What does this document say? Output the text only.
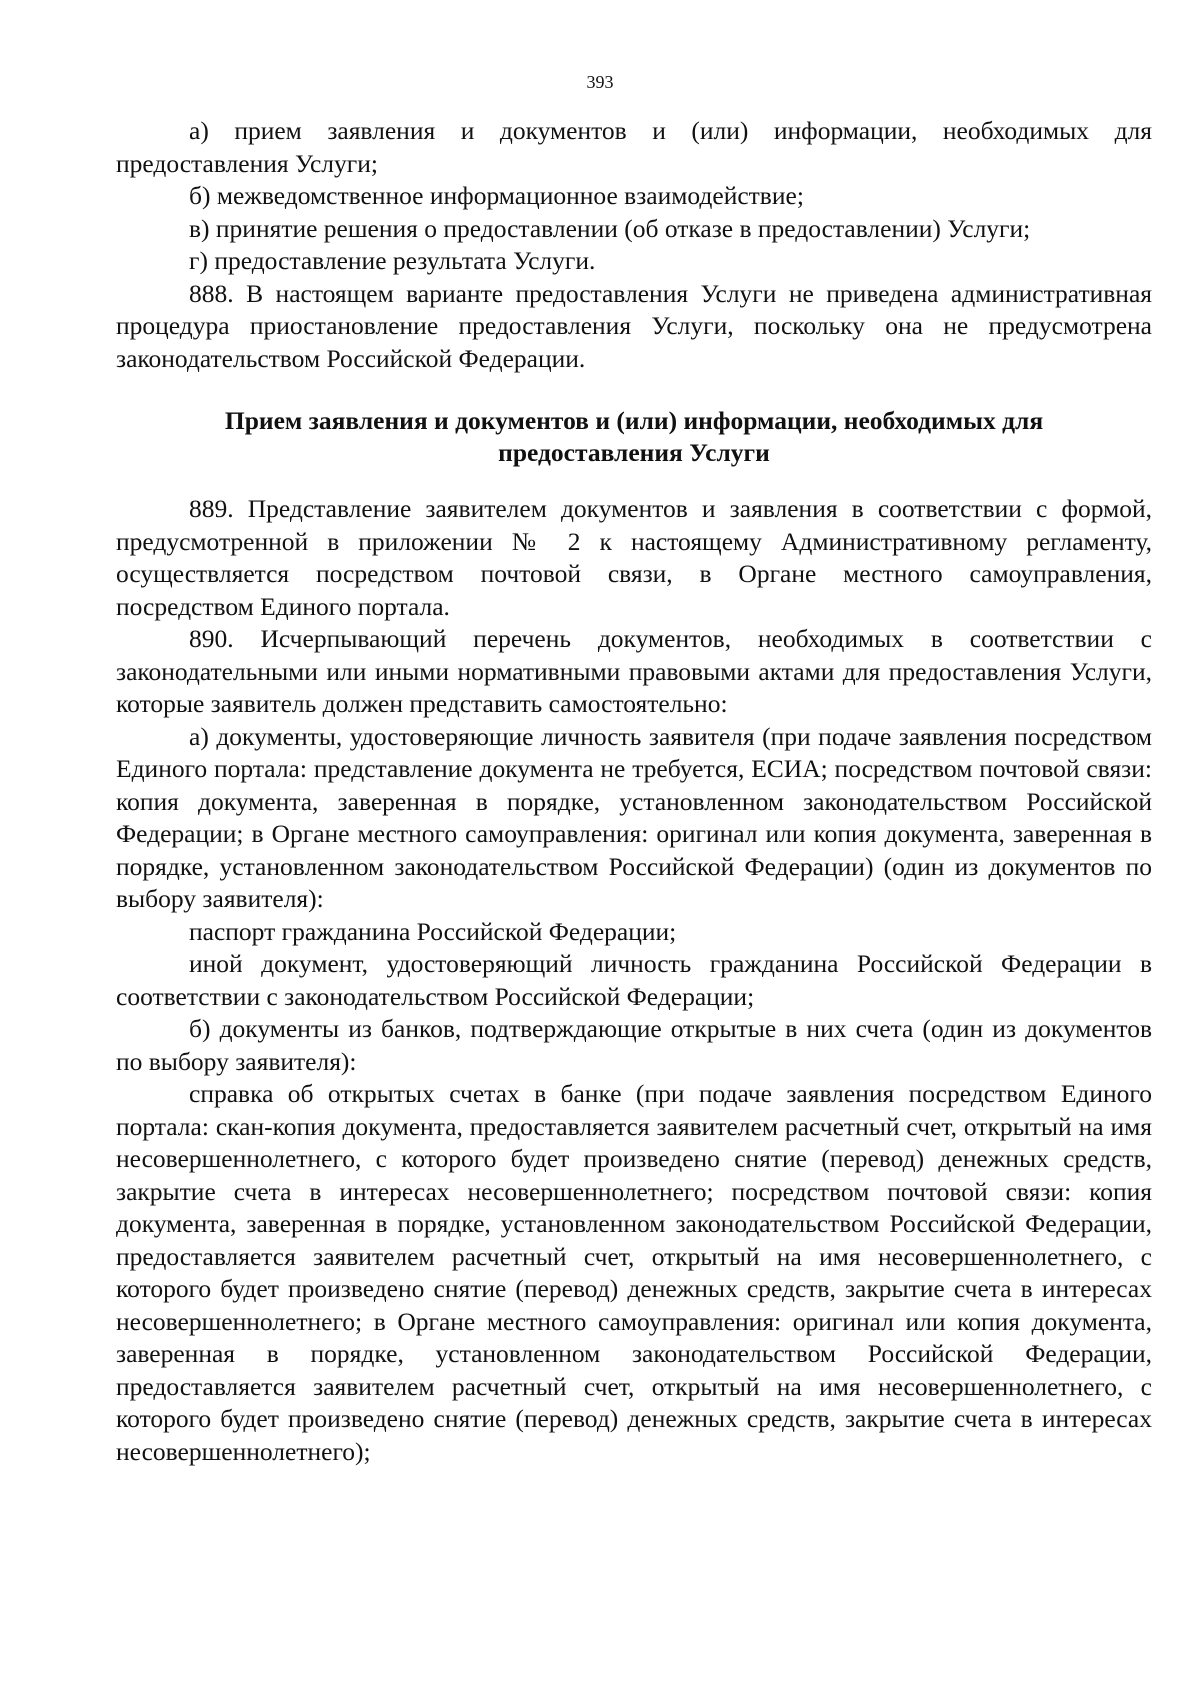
393

а) прием заявления и документов и (или) информации, необходимых для предоставления Услуги;

б) межведомственное информационное взаимодействие;

в) принятие решения о предоставлении (об отказе в предоставлении) Услуги;

г) предоставление результата Услуги.

888. В настоящем варианте предоставления Услуги не приведена административная процедура приостановление предоставления Услуги, поскольку она не предусмотрена законодательством Российской Федерации.

Прием заявления и документов и (или) информации, необходимых для предоставления Услуги

889. Представление заявителем документов и заявления в соответствии с формой, предусмотренной в приложении № 2 к настоящему Административному регламенту, осуществляется посредством почтовой связи, в Органе местного самоуправления, посредством Единого портала.

890. Исчерпывающий перечень документов, необходимых в соответствии с законодательными или иными нормативными правовыми актами для предоставления Услуги, которые заявитель должен представить самостоятельно:

а) документы, удостоверяющие личность заявителя (при подаче заявления посредством Единого портала: представление документа не требуется, ЕСИА; посредством почтовой связи: копия документа, заверенная в порядке, установленном законодательством Российской Федерации; в Органе местного самоуправления: оригинал или копия документа, заверенная в порядке, установленном законодательством Российской Федерации) (один из документов по выбору заявителя):

паспорт гражданина Российской Федерации;

иной документ, удостоверяющий личность гражданина Российской Федерации в соответствии с законодательством Российской Федерации;

б) документы из банков, подтверждающие открытые в них счета (один из документов по выбору заявителя):

справка об открытых счетах в банке (при подаче заявления посредством Единого портала: скан-копия документа, предоставляется заявителем расчетный счет, открытый на имя несовершеннолетнего, с которого будет произведено снятие (перевод) денежных средств, закрытие счета в интересах несовершеннолетнего; посредством почтовой связи: копия документа, заверенная в порядке, установленном законодательством Российской Федерации, предоставляется заявителем расчетный счет, открытый на имя несовершеннолетнего, с которого будет произведено снятие (перевод) денежных средств, закрытие счета в интересах несовершеннолетнего; в Органе местного самоуправления: оригинал или копия документа, заверенная в порядке, установленном законодательством Российской Федерации, предоставляется заявителем расчетный счет, открытый на имя несовершеннолетнего, с которого будет произведено снятие (перевод) денежных средств, закрытие счета в интересах несовершеннолетнего);
